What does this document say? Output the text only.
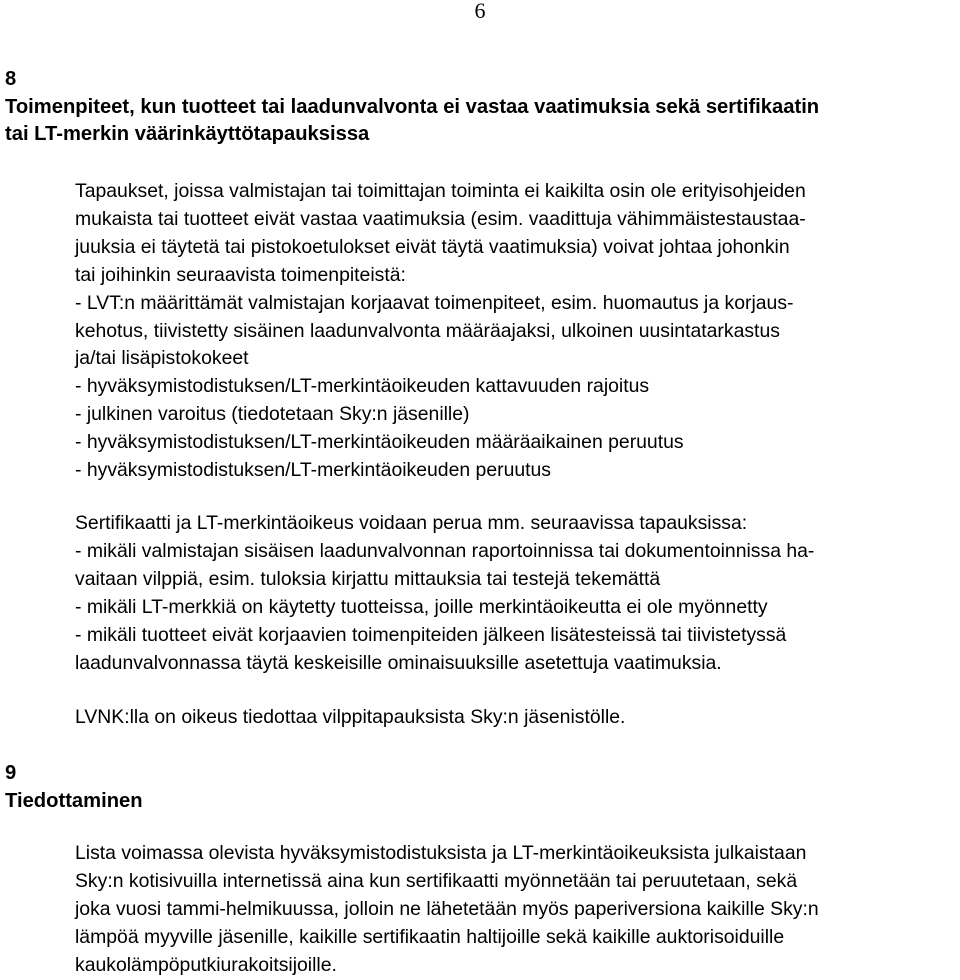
6
8
Toimenpiteet, kun tuotteet tai laadunvalvonta ei vastaa vaatimuksia sekä sertifikaatin
tai LT-merkin väärinkäyttötapauksissa
Tapaukset, joissa valmistajan tai toimittajan toiminta ei kaikilta osin ole erityisohjeiden
mukaista tai tuotteet eivät vastaa vaatimuksia (esim. vaadittuja vähimmäistestaustaa-
juuksia ei täytetä tai pistokoetulokset eivät täytä vaatimuksia) voivat johtaa johonkin
tai joihinkin seuraavista toimenpiteistä:
- LVT:n määrittämät valmistajan korjaavat toimenpiteet, esim. huomautus ja korjaus-
kehotus, tiivistetty sisäinen laadunvalvonta määräajaksi, ulkoinen uusintatarkastus
ja/tai lisäpistokokeet
- hyväksymistodistuksen/LT-merkintäoikeuden kattavuuden rajoitus
- julkinen varoitus (tiedotetaan Sky:n jäsenille)
- hyväksymistodistuksen/LT-merkintäoikeuden määräaikainen peruutus
- hyväksymistodistuksen/LT-merkintäoikeuden peruutus
Sertifikaatti ja LT-merkintäoikeus voidaan perua mm. seuraavissa tapauksissa:
- mikäli valmistajan sisäisen laadunvalvonnan raportoinnissa tai dokumentoinnissa ha-
vaitaan vilppiä, esim. tuloksia kirjattu mittauksia tai testejä tekemättä
- mikäli LT-merkkiä on käytetty tuotteissa, joille merkintäoikeutta ei ole myönnetty
- mikäli tuotteet eivät korjaavien toimenpiteiden jälkeen lisätesteissä tai tiivistetyssä
laadunvalvonnassa täytä keskeisille ominaisuuksille asetettuja vaatimuksia.
LVNK:lla on oikeus tiedottaa vilppitapauksista Sky:n jäsenistölle.
9
Tiedottaminen
Lista voimassa olevista hyväksymistodistuksista ja LT-merkintäoikeuksista julkaistaan
Sky:n kotisivuilla internetissä aina kun sertifikaatti myönnetään tai peruutetaan, sekä
joka vuosi tammi-helmikuussa, jolloin ne lähetetään myös paperiversiona kaikille Sky:n
lämpöä myyville jäsenille, kaikille sertifikaatin haltijoille sekä kaikille auktorisoiduille
kaukolämpöputkiurakoitsijoille.
